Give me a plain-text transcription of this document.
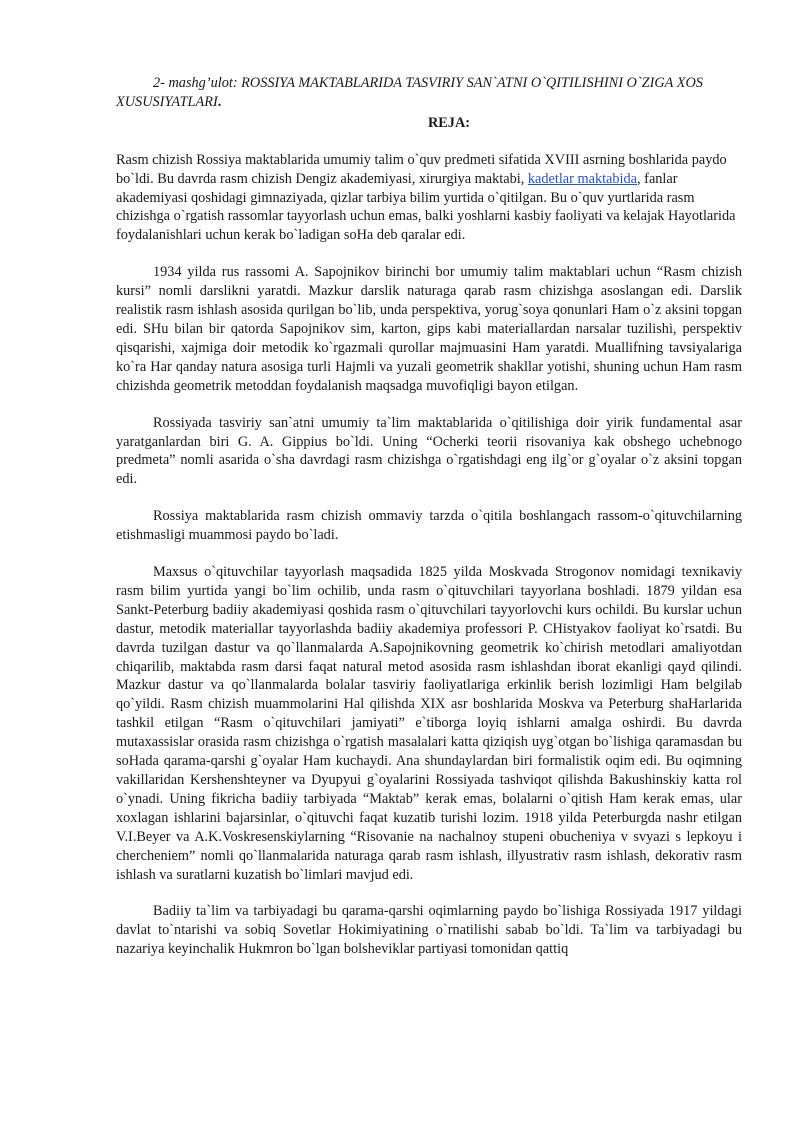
2- mashg’ulot: ROSSIYA MAKTABLARIDA TASVIRIY SAN`ATNI O`QITILISHINI O`ZIGA XOS XUSUSIYATLARI.

REJA:

Rasm chizish Rossiya maktablarida umumiy talim o`quv predmeti sifatida XVIII asrning boshlarida paydo bo`ldi. Bu davrda rasm chizish Dengiz akademiyasi, xirurgiya maktabi, kadetlar maktabida, fanlar akademiyasi qoshidagi gimnaziyada, qizlar tarbiya bilim yurtida o`qitilgan. Bu o`quv yurtlarida rasm chizishga o`rgatish rassomlar tayyorlash uchun emas, balki yoshlarni kasbiy faoliyati va kelajak Hayotlarida foydalanishlari uchun kerak bo`ladigan soHa deb qaralar edi.

1934 yilda rus rassomi A. Sapojnikov birinchi bor umumiy talim maktablari uchun “Rasm chizish kursi” nomli darslikni yaratdi. Mazkur darslik naturaga qarab rasm chizishga asoslangan edi. Darslik realistik rasm ishlash asosida qurilgan bo`lib, unda perspektiva, yorug`soya qonunlari Ham o`z aksini topgan edi. SHu bilan bir qatorda Sapojnikov sim, karton, gips kabi materiallardan narsalar tuzilishi, perspektiv qisqarishi, xajmiga doir metodik ko`rgazmali qurollar majmuasini Ham yaratdi. Muallifning tavsiyalariga ko`ra Har qanday natura asosiga turli Hajmli va yuzali geometrik shakllar yotishi, shuning uchun Ham rasm chizishda geometrik metoddan foydalanish maqsadga muvofiqligi bayon etilgan.

Rossiyada tasviriy san`atni umumiy ta`lim maktablarida o`qitilishiga doir yirik fundamental asar yaratganlardan biri G. A. Gippius bo`ldi. Uning “Ocherki teorii risovaniya kak obshego uchebnogo predmeta” nomli asarida o`sha davrdagi rasm chizishga o`rgatishdagi eng ilg`or g`oyalar o`z aksini topgan edi.

Rossiya maktablarida rasm chizish ommaviy tarzda o`qitila boshlangach rassom-o`qituvchilarning etishmasligi muammosi paydo bo`ladi.

Maxsus o`qituvchilar tayyorlash maqsadida 1825 yilda Moskvada Strogonov nomidagi texnikaviy rasm bilim yurtida yangi bo`lim ochilib, unda rasm o`qituvchilari tayyorlana boshladi. 1879 yildan esa Sankt-Peterburg badiiy akademiyasi qoshida rasm o`qituvchilari tayyorlovchi kurs ochildi. Bu kurslar uchun dastur, metodik materiallar tayyorlashda badiiy akademiya professori P. CHistyakov faoliyat ko`rsatdi. Bu davrda tuzilgan dastur va qo`llanmalarda A.Sapojnikovning geometrik ko`chirish metodlari amaliyotdan chiqarilib, maktabda rasm darsi faqat natural metod asosida rasm ishlashdan iborat ekanligi qayd qilindi. Mazkur dastur va qo`llanmalarda bolalar tasviriy faoliyatlariga erkinlik berish lozimligi Ham belgilab qo`yildi. Rasm chizish muammolarini Hal qilishda XIX asr boshlarida Moskva va Peterburg shaHarlarida tashkil etilgan “Rasm o`qituvchilari jamiyati” e`tiborga loyiq ishlarni amalga oshirdi. Bu davrda mutaxassislar orasida rasm chizishga o`rgatish masalalari katta qiziqish uyg`otgan bo`lishiga qaramasdan bu soHada qarama-qarshi g`oyalar Ham kuchaydi. Ana shundaylardan biri formalistik oqim edi. Bu oqimning vakillaridan Kershenshteyner va Dyupyui g`oyalarini Rossiyada tashviqot qilishda Bakushinskiy katta rol o`ynadi. Uning fikricha badiiy tarbiyada “Maktab” kerak emas, bolalarni o`qitish Ham kerak emas, ular xoxlagan ishlarini bajarsinlar, o`qituvchi faqat kuzatib turishi lozim. 1918 yilda Peterburgda nashr etilgan V.I.Beyer va A.K.Voskresenskiylarning “Risovanie na nachalnoy stupeni obucheniya v svyazi s lepkoyu i chercheniem” nomli qo`llanmalarida naturaga qarab rasm ishlash, illyustrativ rasm ishlash, dekorativ rasm ishlash va suratlarni kuzatish bo`limlari mavjud edi.

Badiiy ta`lim va tarbiyadagi bu qarama-qarshi oqimlarning paydo bo`lishiga Rossiyada 1917 yildagi davlat to`ntarishi va sobiq Sovetlar Hokimiyatining o`rnatilishi sabab bo`ldi. Ta`lim va tarbiyadagi bu nazariya keyinchalik Hukmron bo`lgan bolsheviklar partiyasi tomonidan qattiq
